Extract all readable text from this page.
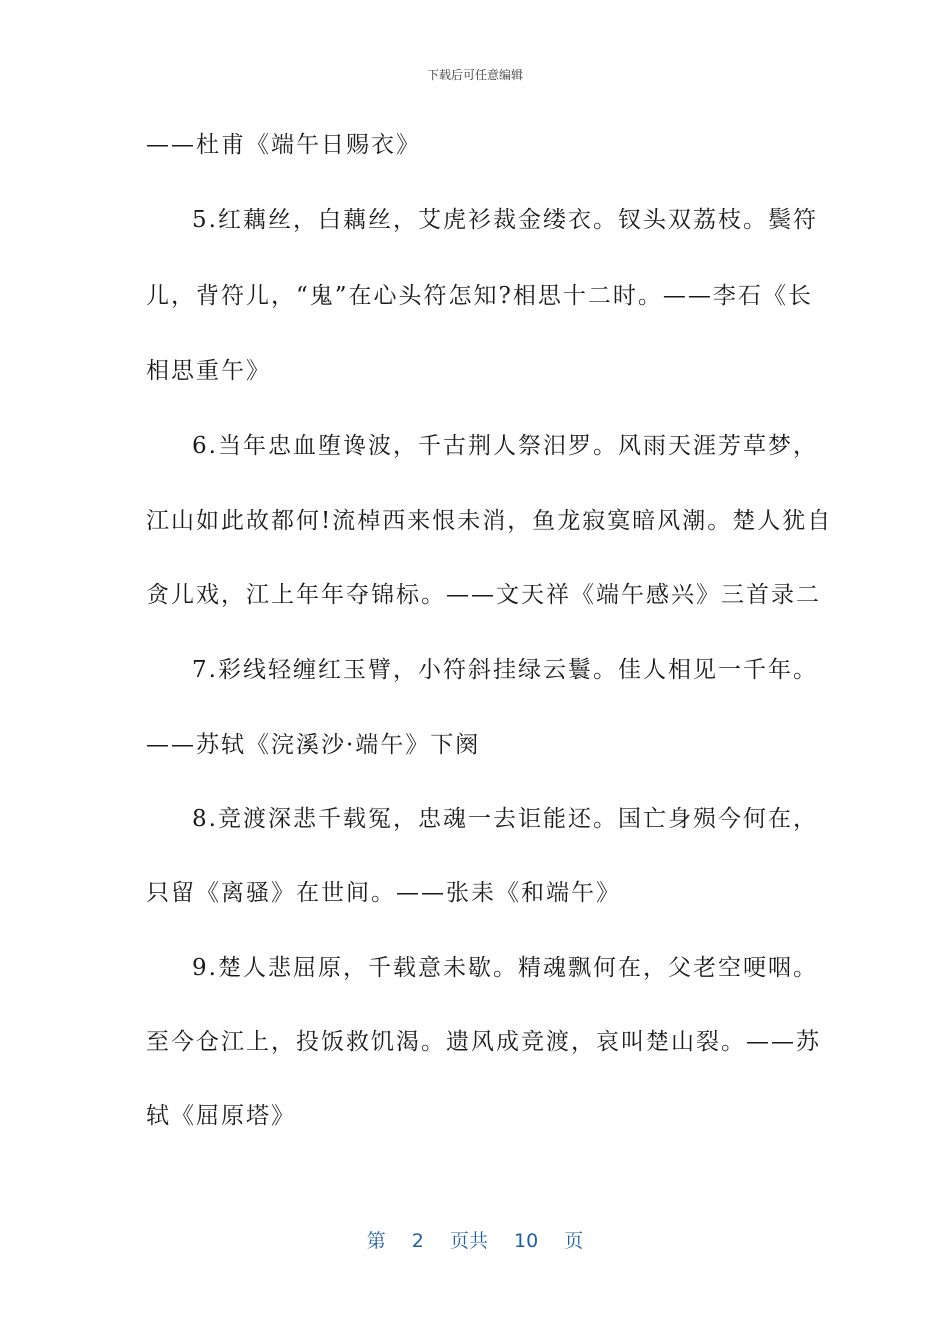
下载后可任意编辑
——杜甫《端午日赐衣》
5.红藕丝，白藕丝，艾虎衫裁金缕衣。钗头双荔枝。鬓符
儿，背符儿，“鬼”在心头符怎知?相思十二时。——李石《长
相思重午》
6.当年忠血堕谗波，千古荆人祭汨罗。风雨天涯芳草梦，
江山如此故都何!流棹西来恨未消，鱼龙寂寞暗风潮。楚人犹自
贪儿戏，江上年年夺锦标。——文天祥《端午感兴》三首录二
7.彩线轻缠红玉臂，小符斜挂绿云鬟。佳人相见一千年。
——苏轼《浣溪沙·端午》下阕
8.竞渡深悲千载冤，忠魂一去讵能还。国亡身殒今何在，
只留《离骚》在世间。——张耒《和端午》
9.楚人悲屈原，千载意未歇。精魂飘何在，父老空哽咽。
至今仓江上，投饭救饥渴。遗风成竞渡，哀叫楚山裂。——苏
轼《屈原塔》
第 2 页共 10 页
